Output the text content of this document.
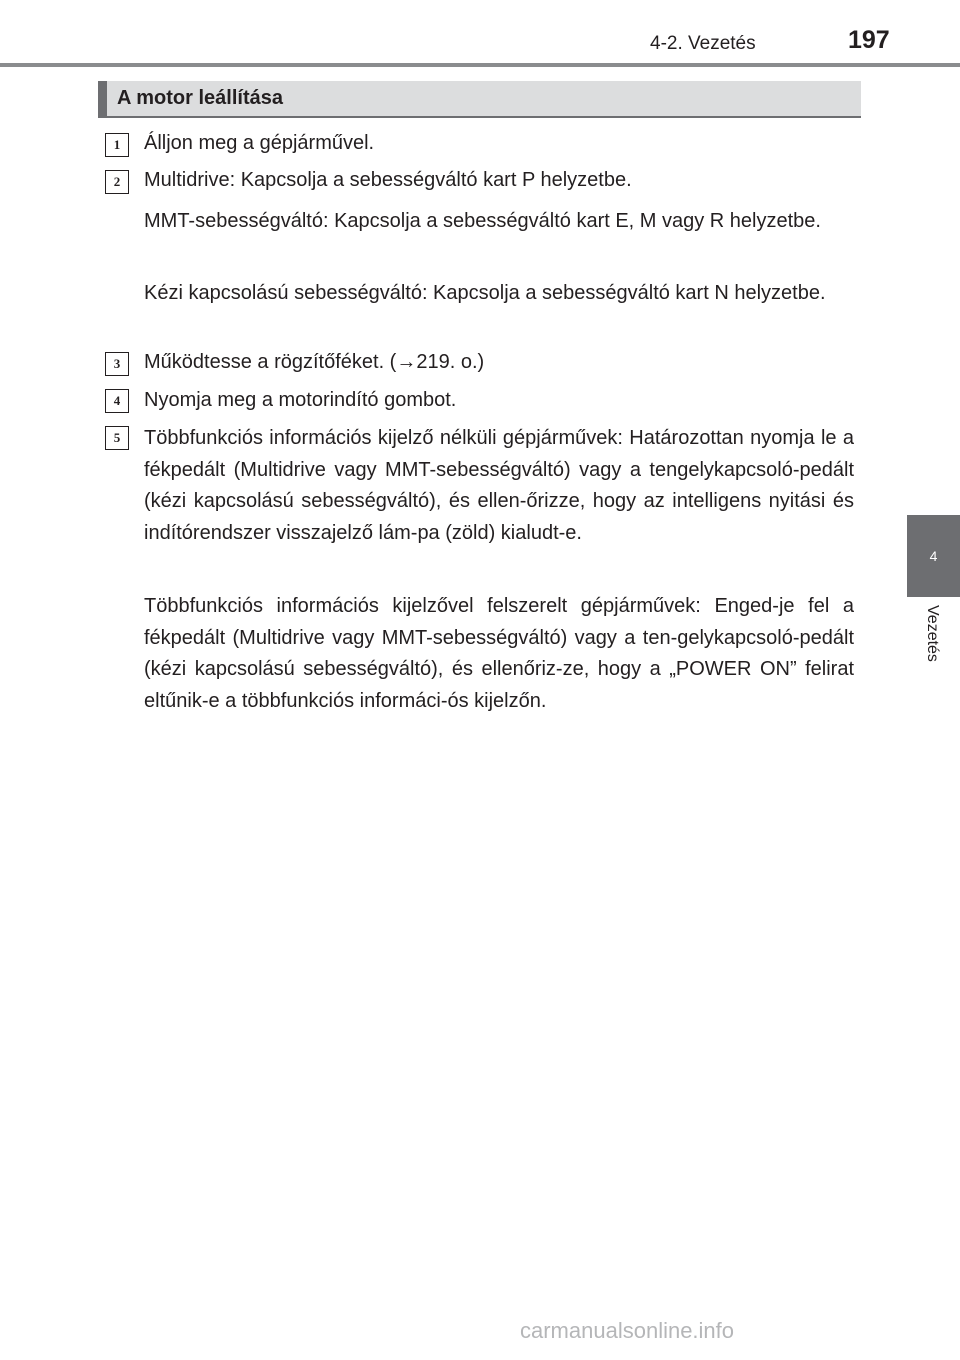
4-2. Vezetés	197
4
Vezetés
A motor leállítása
1	Álljon meg a gépjárművel.
2	Multidrive: Kapcsolja a sebességváltó kart P helyzetbe.
MMT-sebességváltó: Kapcsolja a sebességváltó kart E, M vagy R helyzetbe.
Kézi kapcsolású sebességváltó: Kapcsolja a sebességváltó kart N helyzetbe.
3	Működtesse a rögzítőféket. (→219. o.)
4	Nyomja meg a motorindító gombot.
5	Többfunkciós információs kijelző nélküli gépjárművek: Határozottan nyomja le a fékpedált (Multidrive vagy MMT-sebességváltó) vagy a tengelykapcsoló-pedált (kézi kapcsolású sebességváltó), és ellen-őrizze, hogy az intelligens nyitási és indítórendszer visszajelző lám-pa (zöld) kialudt-e.
Többfunkciós információs kijelzővel felszerelt gépjárművek: Enged-je fel a fékpedált (Multidrive vagy MMT-sebességváltó) vagy a ten-gelykapcsoló-pedált (kézi kapcsolású sebességváltó), és ellenőriz-ze, hogy a „POWER ON” felirat eltűnik-e a többfunkciós informáci-ós kijelzőn.
carmanualsonline.info
